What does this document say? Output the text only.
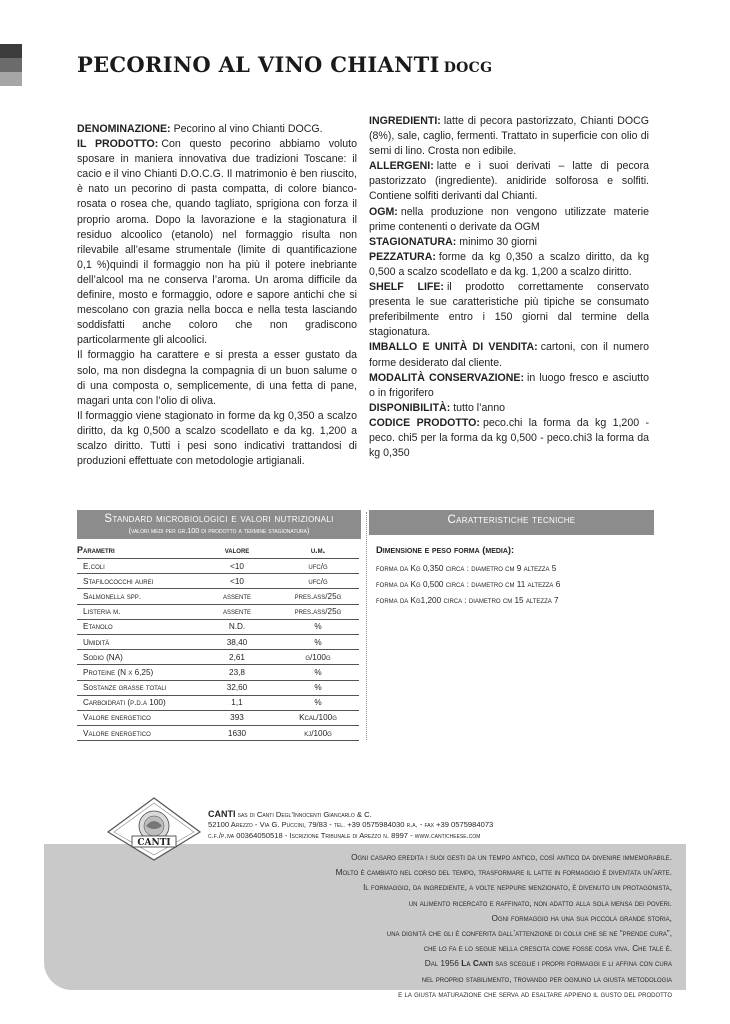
PECORINO AL VINO CHIANTI DOCG

DENOMINAZIONE: Pecorino al vino Chianti DOCG.

IL PRODOTTO: Con questo pecorino abbiamo voluto sposare in maniera innovativa due tradizioni Toscane: il cacio e il vino Chianti D.O.C.G. Il matrimonio è ben riuscito, è nato un pecorino di pasta compatta, di colore bianco-rosata o rosea che, quando tagliato, sprigiona con forza il proprio aroma. Dopo la lavorazione e la stagionatura il residuo alcoolico (etanolo) nel formaggio risulta non rilevabile all’esame strumentale (limite di quantificazione 0,1 %)quindi il formaggio non ha più il potere inebriante dell’alcool ma ne conserva l’aroma. Un aroma difficile da definire, mosto e formaggio, odore e sapore antichi che si mescolano con grazia nella bocca e nella testa lasciando soddisfatti anche coloro che non gradiscono particolarmente gli alcoolici.

Il formaggio ha carattere e si presta a esser gustato da solo, ma non disdegna la compagnia di un buon salume o di una composta o, semplicemente, di una fetta di pane, magari unta con l’olio di oliva.

Il formaggio viene stagionato in forme da kg 0,350 a scalzo diritto, da kg 0,500 a scalzo scodellato e da kg. 1,200 a scalzo diritto. Tutti i pesi sono indicativi trattandosi di produzioni effettuate con metodologie artigianali.

INGREDIENTI: latte di pecora pastorizzato, Chianti DOCG (8%), sale, caglio, fermenti. Trattato in superficie con olio di semi di lino. Crosta non edibile.

ALLERGENI: latte e i suoi derivati – latte di pecora pastorizzato (ingrediente). anidiride solforosa e solfiti. Contiene solfiti derivanti dal Chianti.

OGM: nella produzione non vengono utilizzate materie prime contenenti o derivate da OGM

STAGIONATURA: minimo 30 giorni

PEZZATURA: forme da kg 0,350 a scalzo diritto, da kg 0,500 a scalzo scodellato e da kg. 1,200 a scalzo diritto.

SHELF LIFE: il prodotto correttamente conservato presenta le sue caratteristiche più tipiche se consumato preferibilmente entro i 150 giorni dal termine della stagionatura.

IMBALLO E UNITÀ DI VENDITA: cartoni, con il numero forme desiderato dal cliente.

MODALITÀ CONSERVAZIONE: in luogo fresco e asciutto o in frigorifero

DISPONIBILITÀ: tutto l’anno

CODICE PRODOTTO: peco.chi la forma da kg 1,200 - peco. chi5 per la forma da kg 0,500 - peco.chi3 la forma da kg 0,350

Standard microbiologici e valori nutrizionali
(valori medi per gr.100 di prodotto a termine stagionatura)
Parametri	valore	u.m.
E.coli	<10	ufc/g
Stafilococchi aurei	<10	ufc/g
Salmonella spp.	assente	pres.ass/25g
Listeria m.	assente	pres.ass/25g
Etanolo	N.D.	%
Umidità	38,40	%
Sodio (NA)	2,61	g/100g
Proteine (N x 6,25)	23,8	%
Sostanze grasse totali	32,60	%
Carboidrati (p.d.a 100)	1,1	%
Valore energetico	393	Kcal/100g
Valore energetico	1630	kj/100g
Caratteristiche tecniche
Dimensione e peso forma (media):
forma da Kg 0,350 circa : diametro cm 9 altezza 5
forma da Kg 0,500 circa : diametro cm 11 altezza 6
forma da Kg1,200 circa : diametro cm 15 altezza 7
CANTI
CANTI sas di Canti Degl’Innocenti Giancarlo & C.
52100 Arezzo - Via G. Puccini, 79/83 - tel. +39 0575984030 r.a. - fax +39 0575984073
c.f./p.iva 00364050518 - Iscrizione Tribunale di Arezzo n. 8997 - www.canticheese.com
Ogni casaro eredita i suoi gesti da un tempo antico, così antico da divenire immemorabile.
Molto è cambiato nel corso del tempo, trasformare il latte in formaggio è diventata un’arte.
Il formaggio, da ingrediente, a volte neppure menzionato, è divenuto un protagonista,
un alimento ricercato e raffinato, non adatto alla sola mensa dei poveri.
Ogni formaggio ha una sua piccola grande storia,
una dignità che gli è conferita dall’attenzione di colui che se ne “prende cura”,
che lo fa e lo segue nella crescita come fosse cosa viva. Che tale è.
Dal 1956 La Canti sas sceglie i propri formaggi e li affina con cura
nel proprio stabilimento, trovando per ognuno la giusta metodologia
e la giusta maturazione che serva ad esaltare appieno il gusto del prodotto
